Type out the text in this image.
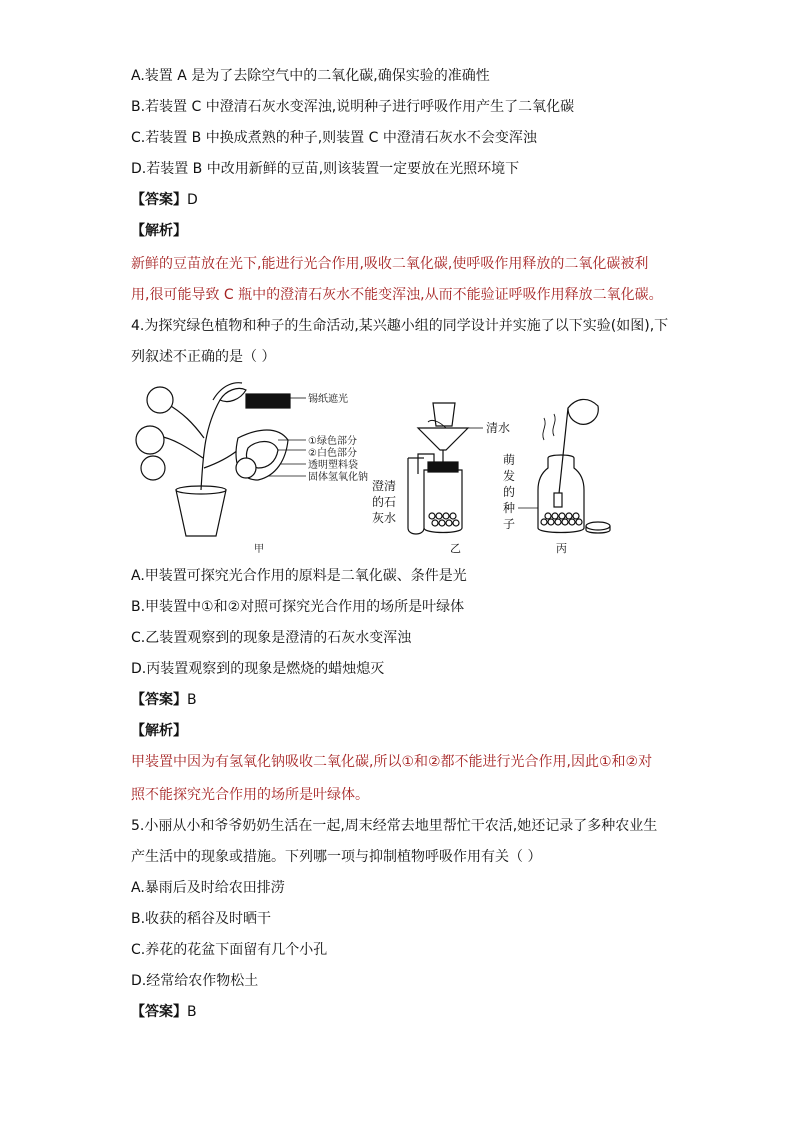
A.装置 A 是为了去除空气中的二氧化碳,确保实验的准确性
B.若装置 C 中澄清石灰水变浑浊,说明种子进行呼吸作用产生了二氧化碳
C.若装置 B 中换成煮熟的种子,则装置 C 中澄清石灰水不会变浑浊
D.若装置 B 中改用新鲜的豆苗,则该装置一定要放在光照环境下
【答案】D
【解析】
新鲜的豆苗放在光下,能进行光合作用,吸收二氧化碳,使呼吸作用释放的二氧化碳被利
用,很可能导致 C 瓶中的澄清石灰水不能变浑浊,从而不能验证呼吸作用释放二氧化碳。
4.为探究绿色植物和种子的生命活动,某兴趣小组的同学设计并实施了以下实验(如图),下
列叙述不正确的是（ ）
锡纸遮光
①绿色部分
②白色部分
透明塑料袋
固体氢氧化钠
甲
清水
澄清
的石
灰水
乙
萌
发
的
种
子
丙
A.甲装置可探究光合作用的原料是二氧化碳、条件是光
B.甲装置中①和②对照可探究光合作用的场所是叶绿体
C.乙装置观察到的现象是澄清的石灰水变浑浊
D.丙装置观察到的现象是燃烧的蜡烛熄灭
【答案】B
【解析】
甲装置中因为有氢氧化钠吸收二氧化碳,所以①和②都不能进行光合作用,因此①和②对
照不能探究光合作用的场所是叶绿体。
5.小丽从小和爷爷奶奶生活在一起,周末经常去地里帮忙干农活,她还记录了多种农业生
产生活中的现象或措施。下列哪一项与抑制植物呼吸作用有关（ ）
A.暴雨后及时给农田排涝
B.收获的稻谷及时晒干
C.养花的花盆下面留有几个小孔
D.经常给农作物松土
【答案】B
